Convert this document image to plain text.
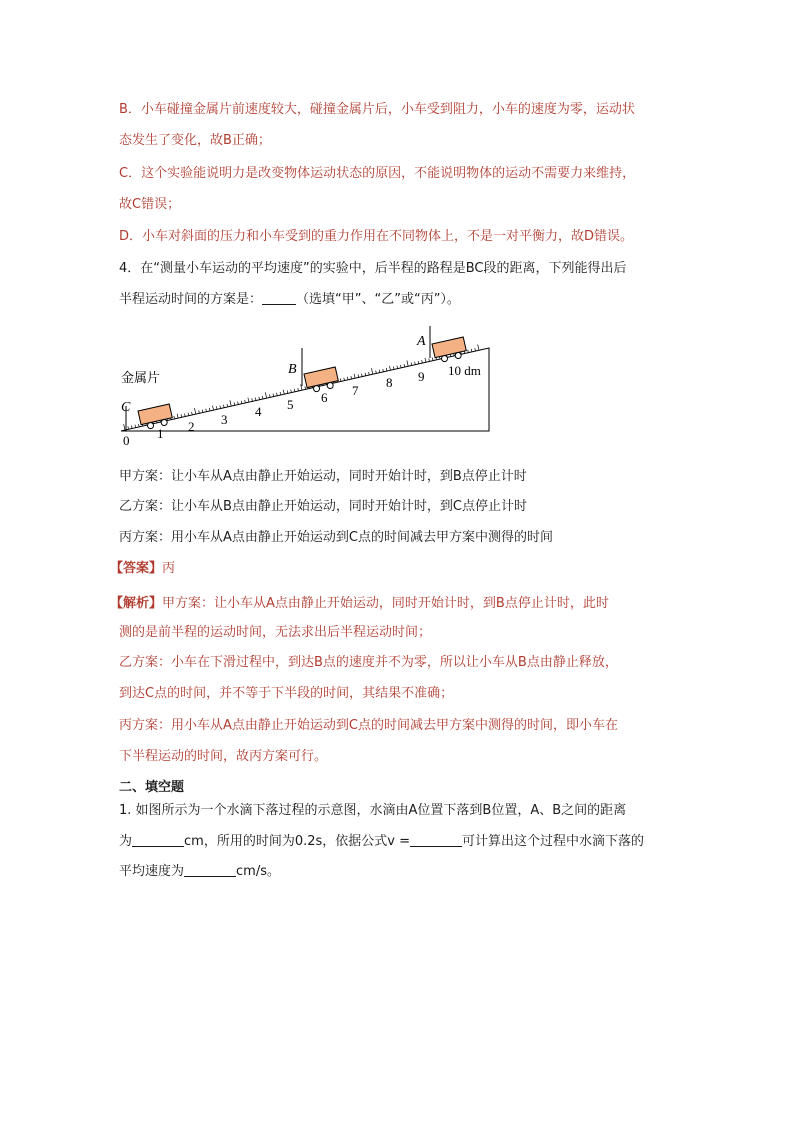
B．小车碰撞金属片前速度较大，碰撞金属片后，小车受到阻力，小车的速度为零，运动状
态发生了变化，故B正确；
C．这个实验能说明力是改变物体运动状态的原因，不能说明物体的运动不需要力来维持，
故C错误；
D．小车对斜面的压力和小车受到的重力作用在不同物体上，不是一对平衡力，故D错误。
4．在“测量小车运动的平均速度”的实验中，后半程的路程是BC段的距离，下列能得出后
半程运动时间的方案是：	（选填“甲”、“乙”或“丙”）。
0 1 2 3
4 5 6 7
8 9 10 dm
金属片
C
B
A
甲方案：让小车从A点由静止开始运动，同时开始计时，到B点停止计时
乙方案：让小车从B点由静止开始运动，同时开始计时，到C点停止计时
丙方案：用小车从A点由静止开始运动到C点的时间减去甲方案中测得的时间
【答案】丙
【解析】甲方案：让小车从A点由静止开始运动，同时开始计时，到B点停止计时，此时
测的是前半程的运动时间，无法求出后半程运动时间；
乙方案：小车在下滑过程中，到达B点的速度并不为零，所以让小车从B点由静止释放，
到达C点的时间，并不等于下半段的时间，其结果不准确；
丙方案：用小车从A点由静止开始运动到C点的时间减去甲方案中测得的时间，即小车在
下半程运动的时间，故丙方案可行。
二、填空题
1. 如图所示为一个水滴下落过程的示意图，水滴由A位置下落到B位置，A、B之间的距离
为	cm，所用的时间为0.2s，依据公式v =	可计算出这个过程中水滴下落的
平均速度为	cm/s。
